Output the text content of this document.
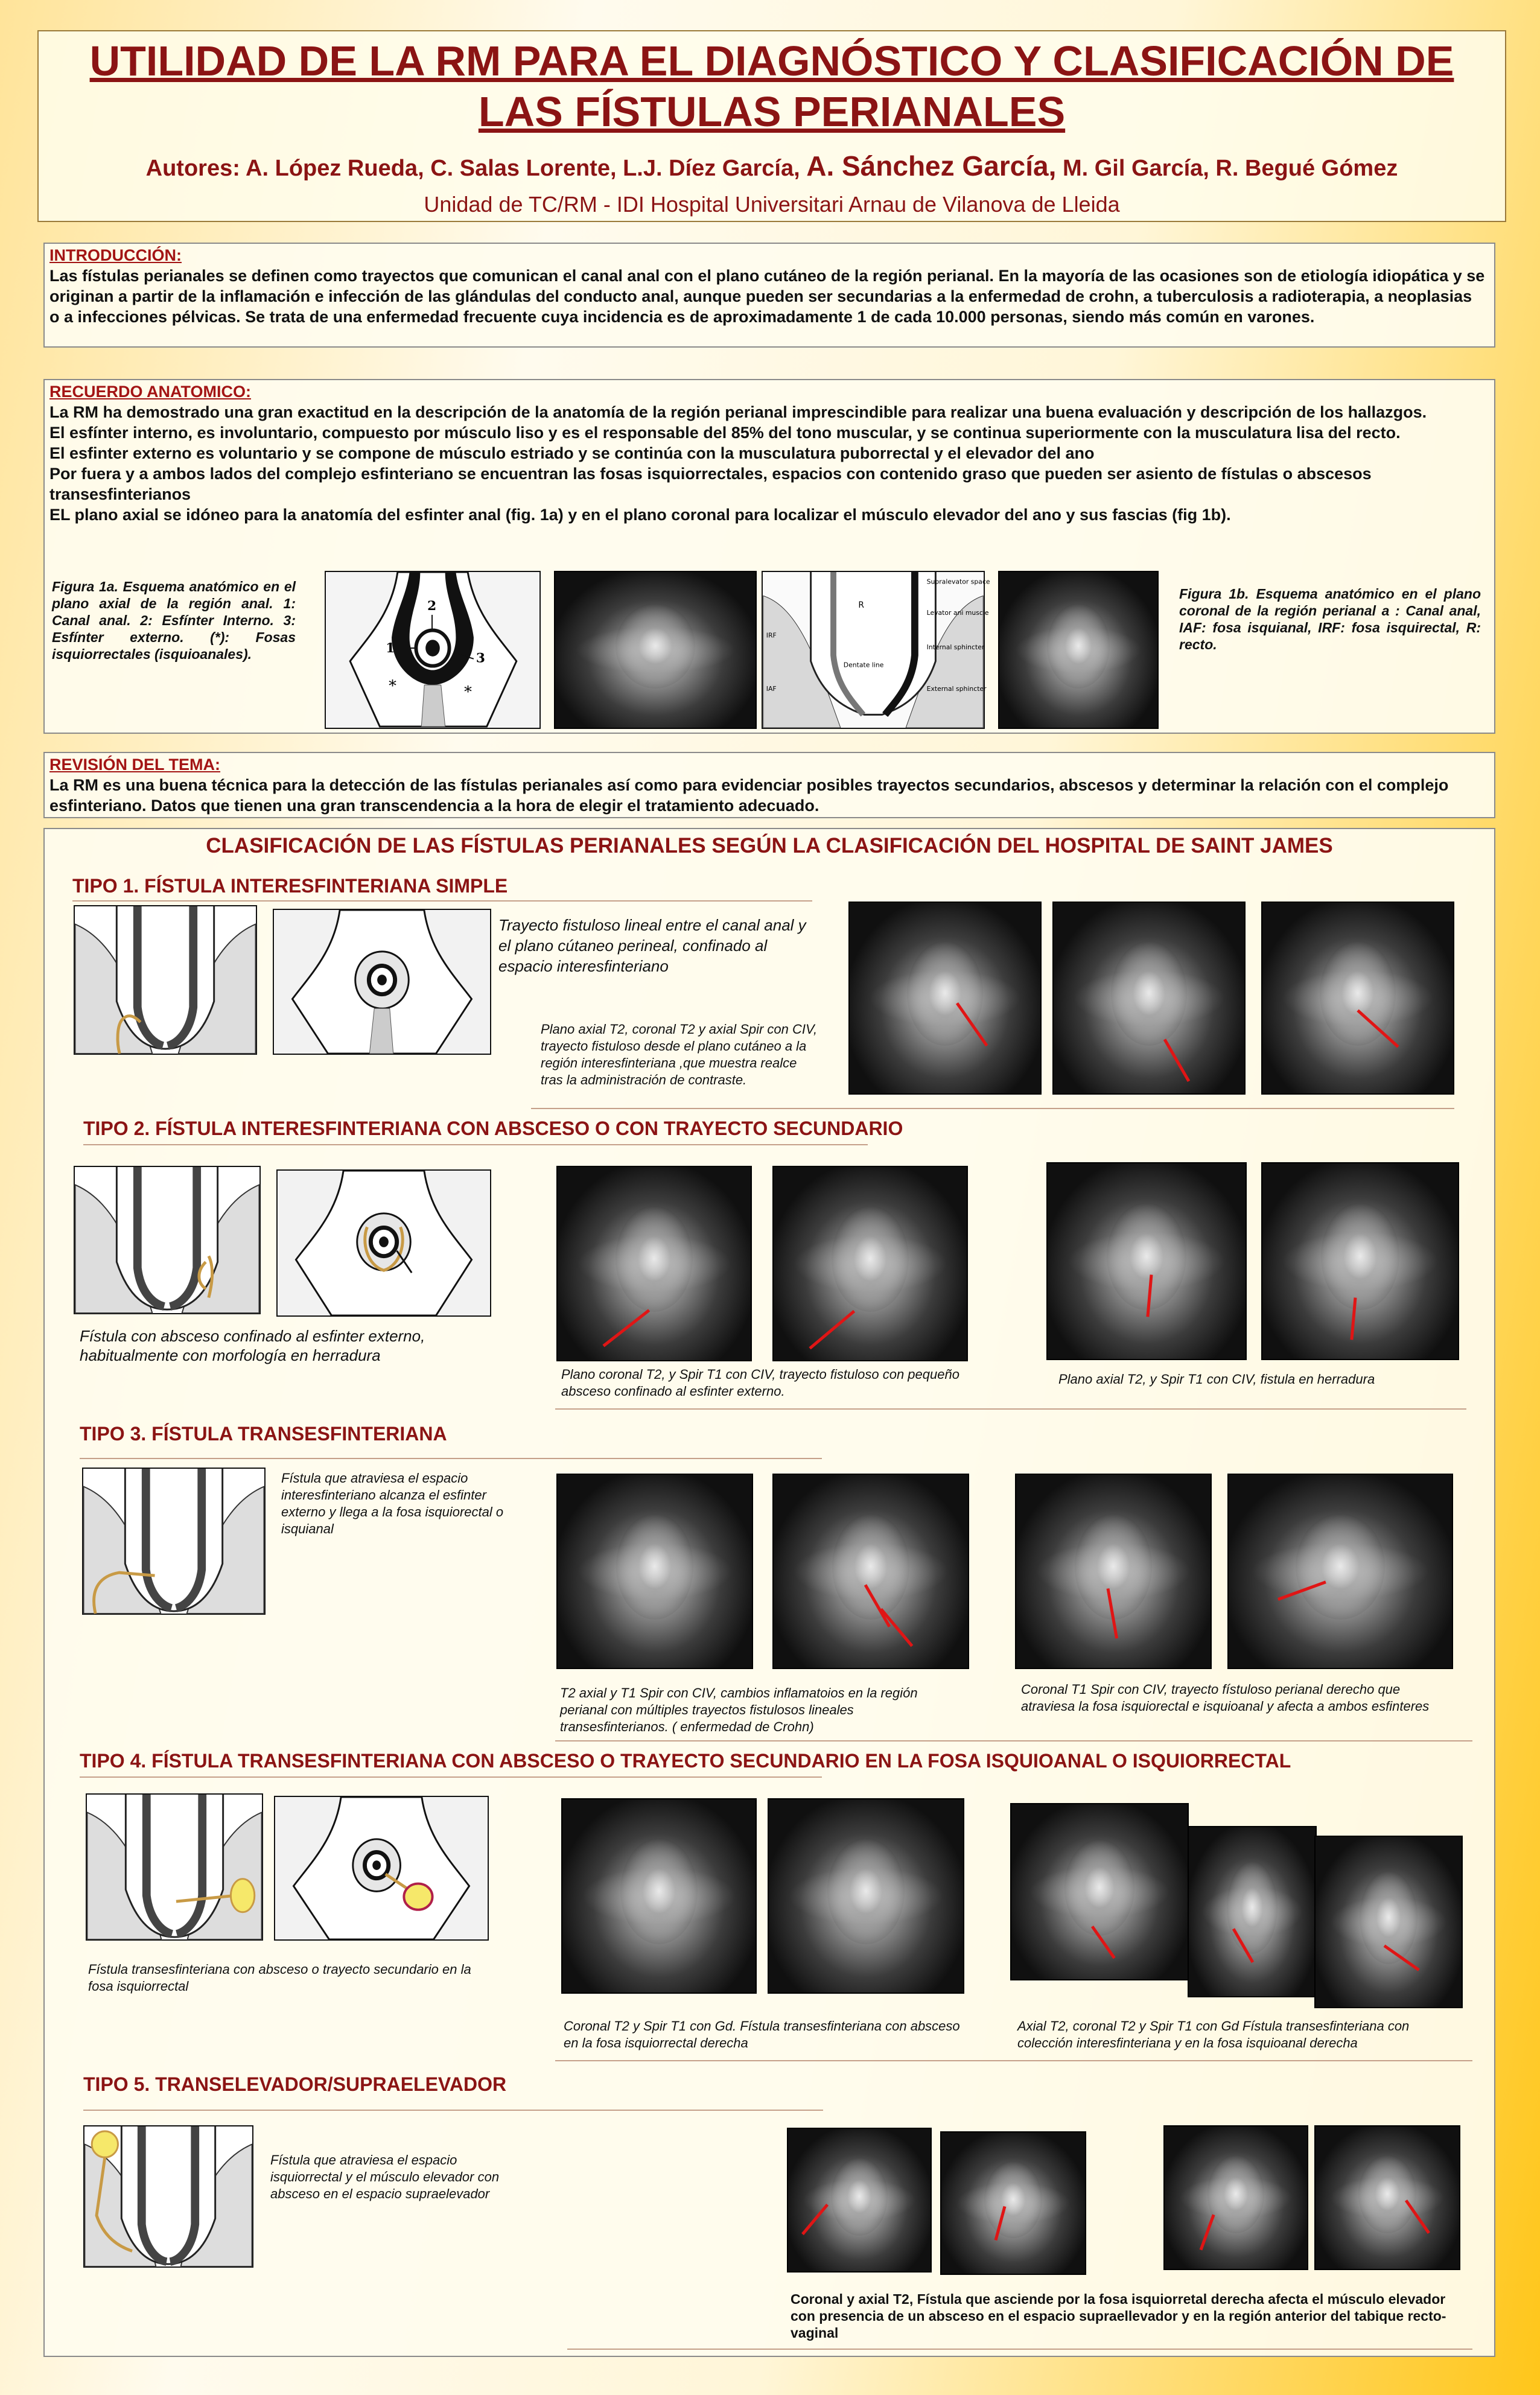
UTILIDAD DE LA RM PARA EL DIAGNÓSTICO Y CLASIFICACIÓN DE
LAS FÍSTULAS PERIANALES
Autores: A. López Rueda, C. Salas Lorente, L.J. Díez García, A. Sánchez García, M. Gil García, R. Begué Gómez
Unidad de TC/RM - IDI Hospital Universitari Arnau de Vilanova de Lleida
INTRODUCCIÓN:
Las fístulas perianales se definen como trayectos que comunican el canal anal con el plano cutáneo de la región perianal. En la mayoría de las ocasiones son de etiología idiopática y se originan a partir de la inflamación e infección de las glándulas del conducto anal, aunque pueden ser secundarias a la enfermedad de crohn, a tuberculosis a radioterapia, a neoplasias o a infecciones pélvicas. Se trata de una enfermedad frecuente cuya incidencia es de aproximadamente 1 de cada 10.000 personas, siendo más común en varones.
RECUERDO ANATOMICO:
La RM ha demostrado una gran exactitud en la descripción de la anatomía de la región perianal imprescindible para realizar una buena evaluación y descripción de los hallazgos.
El esfínter interno, es involuntario, compuesto por músculo liso y es el responsable del 85% del tono muscular, y se continua superiormente con la musculatura lisa del recto.
El esfinter externo es voluntario y se compone de músculo estriado y se continúa con la musculatura puborrectal y el elevador del ano
Por fuera y a ambos lados del complejo esfinteriano se encuentran las fosas isquiorrectales, espacios con contenido graso que pueden ser asiento de fístulas o abscesos transesfinterianos
EL plano axial se idóneo para la anatomía del esfinter anal (fig. 1a) y en el plano coronal para localizar el músculo elevador del ano y sus fascias (fig 1b).
Figura 1a. Esquema anatómico en el plano axial de la región anal. 1: Canal anal. 2: Esfínter Interno. 3: Esfínter externo. (*): Fosas isquiorrectales (isquioanales).
2
1
3
*	*
R
Supralevator space
Levator ani muscle
Internal sphincter
External sphincter
Dentate line
IRF
IAF
Figura 1b. Esquema anatómico en el plano coronal de la región perianal a : Canal anal, IAF: fosa isquianal, IRF: fosa isquirectal, R: recto.
REVISIÓN DEL TEMA:
La RM es una buena técnica para la detección de las fístulas perianales así como para evidenciar posibles trayectos secundarios, abscesos y determinar la relación con el complejo esfinteriano. Datos que tienen una gran transcendencia a la hora de elegir el tratamiento adecuado.
CLASIFICACIÓN DE LAS FÍSTULAS PERIANALES SEGÚN LA CLASIFICACIÓN DEL HOSPITAL DE SAINT JAMES
TIPO 1. FÍSTULA INTERESFINTERIANA SIMPLE
Trayecto fistuloso lineal entre el canal anal y el plano cútaneo perineal, confinado al espacio interesfinteriano
Plano axial T2, coronal T2 y axial Spir con CIV, trayecto fistuloso desde el plano cutáneo a la región interesfinteriana ,que muestra realce tras la administración de contraste.
TIPO 2. FÍSTULA INTERESFINTERIANA CON ABSCESO O CON TRAYECTO SECUNDARIO
Fístula con absceso confinado al esfinter externo, habitualmente con morfología en herradura
Plano coronal T2, y Spir T1 con CIV, trayecto fistuloso con pequeño absceso confinado al esfinter externo.
Plano axial T2, y Spir T1 con CIV, fistula en herradura
TIPO 3. FÍSTULA TRANSESFINTERIANA
Fístula que atraviesa el espacio interesfinteriano alcanza el esfinter externo y llega a la fosa isquiorectal o isquianal
T2 axial y T1 Spir con CIV, cambios inflamatoios en la región perianal con múltiples trayectos fistulosos lineales transesfinterianos. ( enfermedad de Crohn)
Coronal T1 Spir con CIV, trayecto fístuloso perianal derecho que atraviesa la fosa isquiorectal e isquioanal y afecta a ambos esfinteres
TIPO 4. FÍSTULA TRANSESFINTERIANA CON ABSCESO O TRAYECTO SECUNDARIO EN LA FOSA ISQUIOANAL O ISQUIORRECTAL
Fístula transesfinteriana con absceso o trayecto secundario en la fosa isquiorrectal
Coronal T2 y Spir T1 con Gd. Fístula transesfinteriana con absceso en la fosa isquiorrectal derecha
Axial T2, coronal T2 y Spir T1 con Gd Fístula transesfinteriana con colección interesfinteriana y en la fosa isquioanal derecha
TIPO 5. TRANSELEVADOR/SUPRAELEVADOR
Fístula que atraviesa el espacio isquiorrectal y el músculo elevador con absceso en el espacio supraelevador
Coronal y axial T2, Fístula que asciende por la fosa isquiorretal derecha afecta el músculo elevador con presencia de un absceso en el espacio supraellevador y en la región anterior del tabique recto-vaginal
